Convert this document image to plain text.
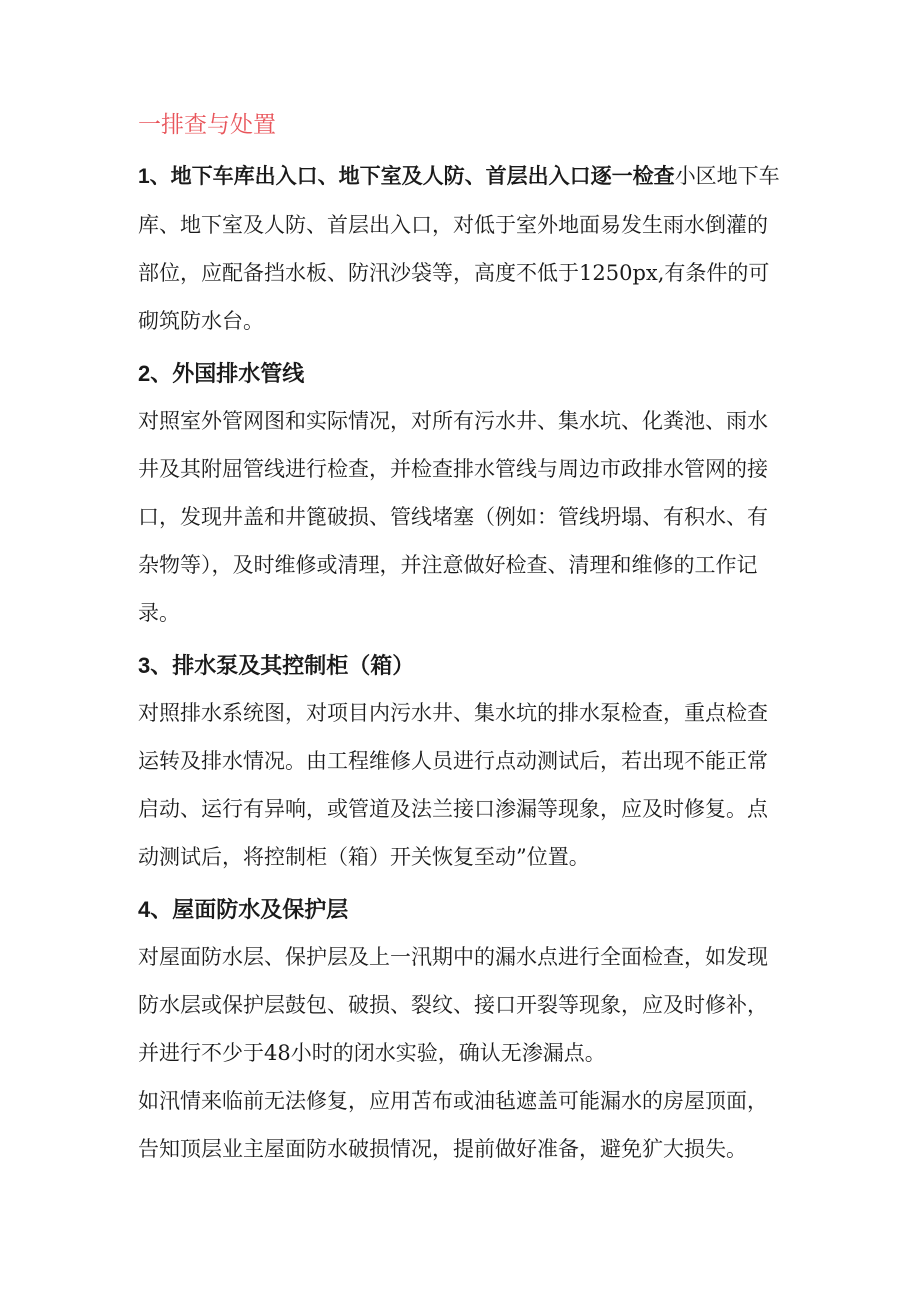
一排查与处置

1、地下车库出入口、地下室及人防、首层出入口逐一检查小区地下车库、地下室及人防、首层出入口，对低于室外地面易发生雨水倒灌的部位，应配备挡水板、防汛沙袋等，高度不低于1250px,有条件的可砌筑防水台。

2、外国排水管线

对照室外管网图和实际情况，对所有污水井、集水坑、化粪池、雨水井及其附屈管线进行检查，并检查排水管线与周边市政排水管网的接口，发现井盖和井篦破损、管线堵塞（例如：管线坍塌、有积水、有杂物等），及时维修或清理，并注意做好检查、清理和维修的工作记录。

3、排水泵及其控制柜（箱）

对照排水系统图，对项目内污水井、集水坑的排水泵检查，重点检查运转及排水情况。由工程维修人员进行点动测试后，若出现不能正常启动、运行有异响，或管道及法兰接口渗漏等现象，应及时修复。点动测试后，将控制柜（箱）开关恢复至动”位置。

4、屋面防水及保护层

对屋面防水层、保护层及上一汛期中的漏水点进行全面检查，如发现防水层或保护层鼓包、破损、裂纹、接口开裂等现象，应及时修补，并进行不少于48小时的闭水实验，确认无渗漏点。

如汛情来临前无法修复，应用苫布或油毡遮盖可能漏水的房屋顶面，告知顶层业主屋面防水破损情况，提前做好准备，避免犷大损失。
